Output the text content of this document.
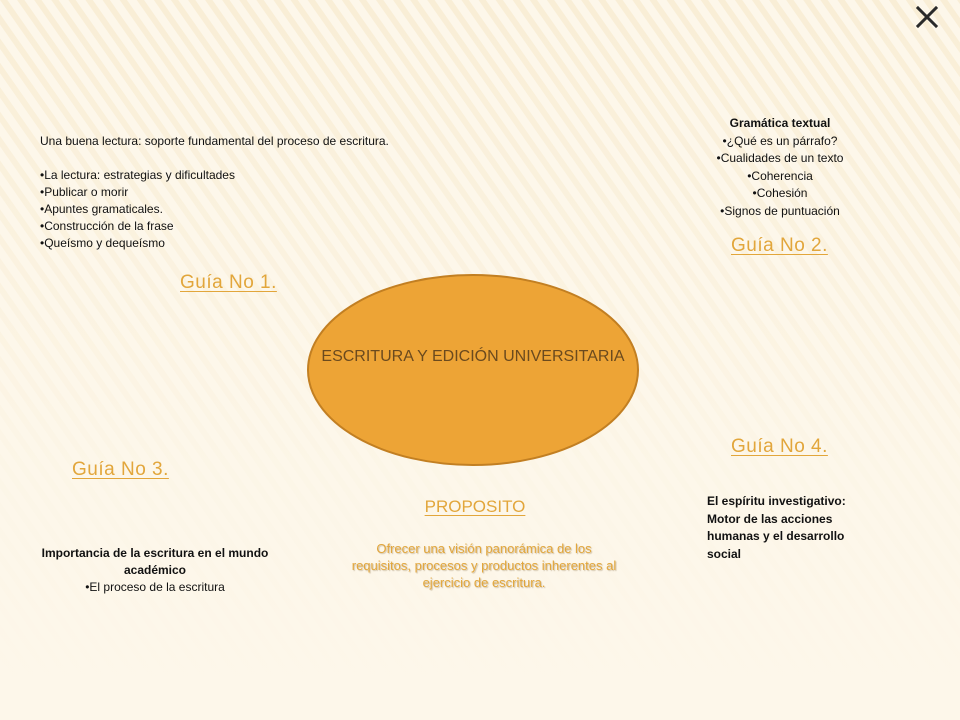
Una buena lectura: soporte fundamental del proceso de escritura.
• La lectura: estrategias y dificultades
• Publicar o morir
• Apuntes gramaticales.
• Construcción de la frase
• Queísmo y dequeísmo
Guía No 1.
Gramática textual
• ¿Qué es un párrafo?
• Cualidades de un texto
• Coherencia
• Cohesión
• Signos de puntuación
Guía No 2.
ESCRITURA Y EDICIÓN UNIVERSITARIA
Guía No 3.
Importancia de la escritura en el mundo académico
• El proceso de la escritura
Guía No 4.
El espíritu investigativo: Motor de las acciones humanas y el desarrollo social
PROPOSITO
Ofrecer una visión panorámica de los requisitos, procesos y productos inherentes al ejercicio de escritura.
